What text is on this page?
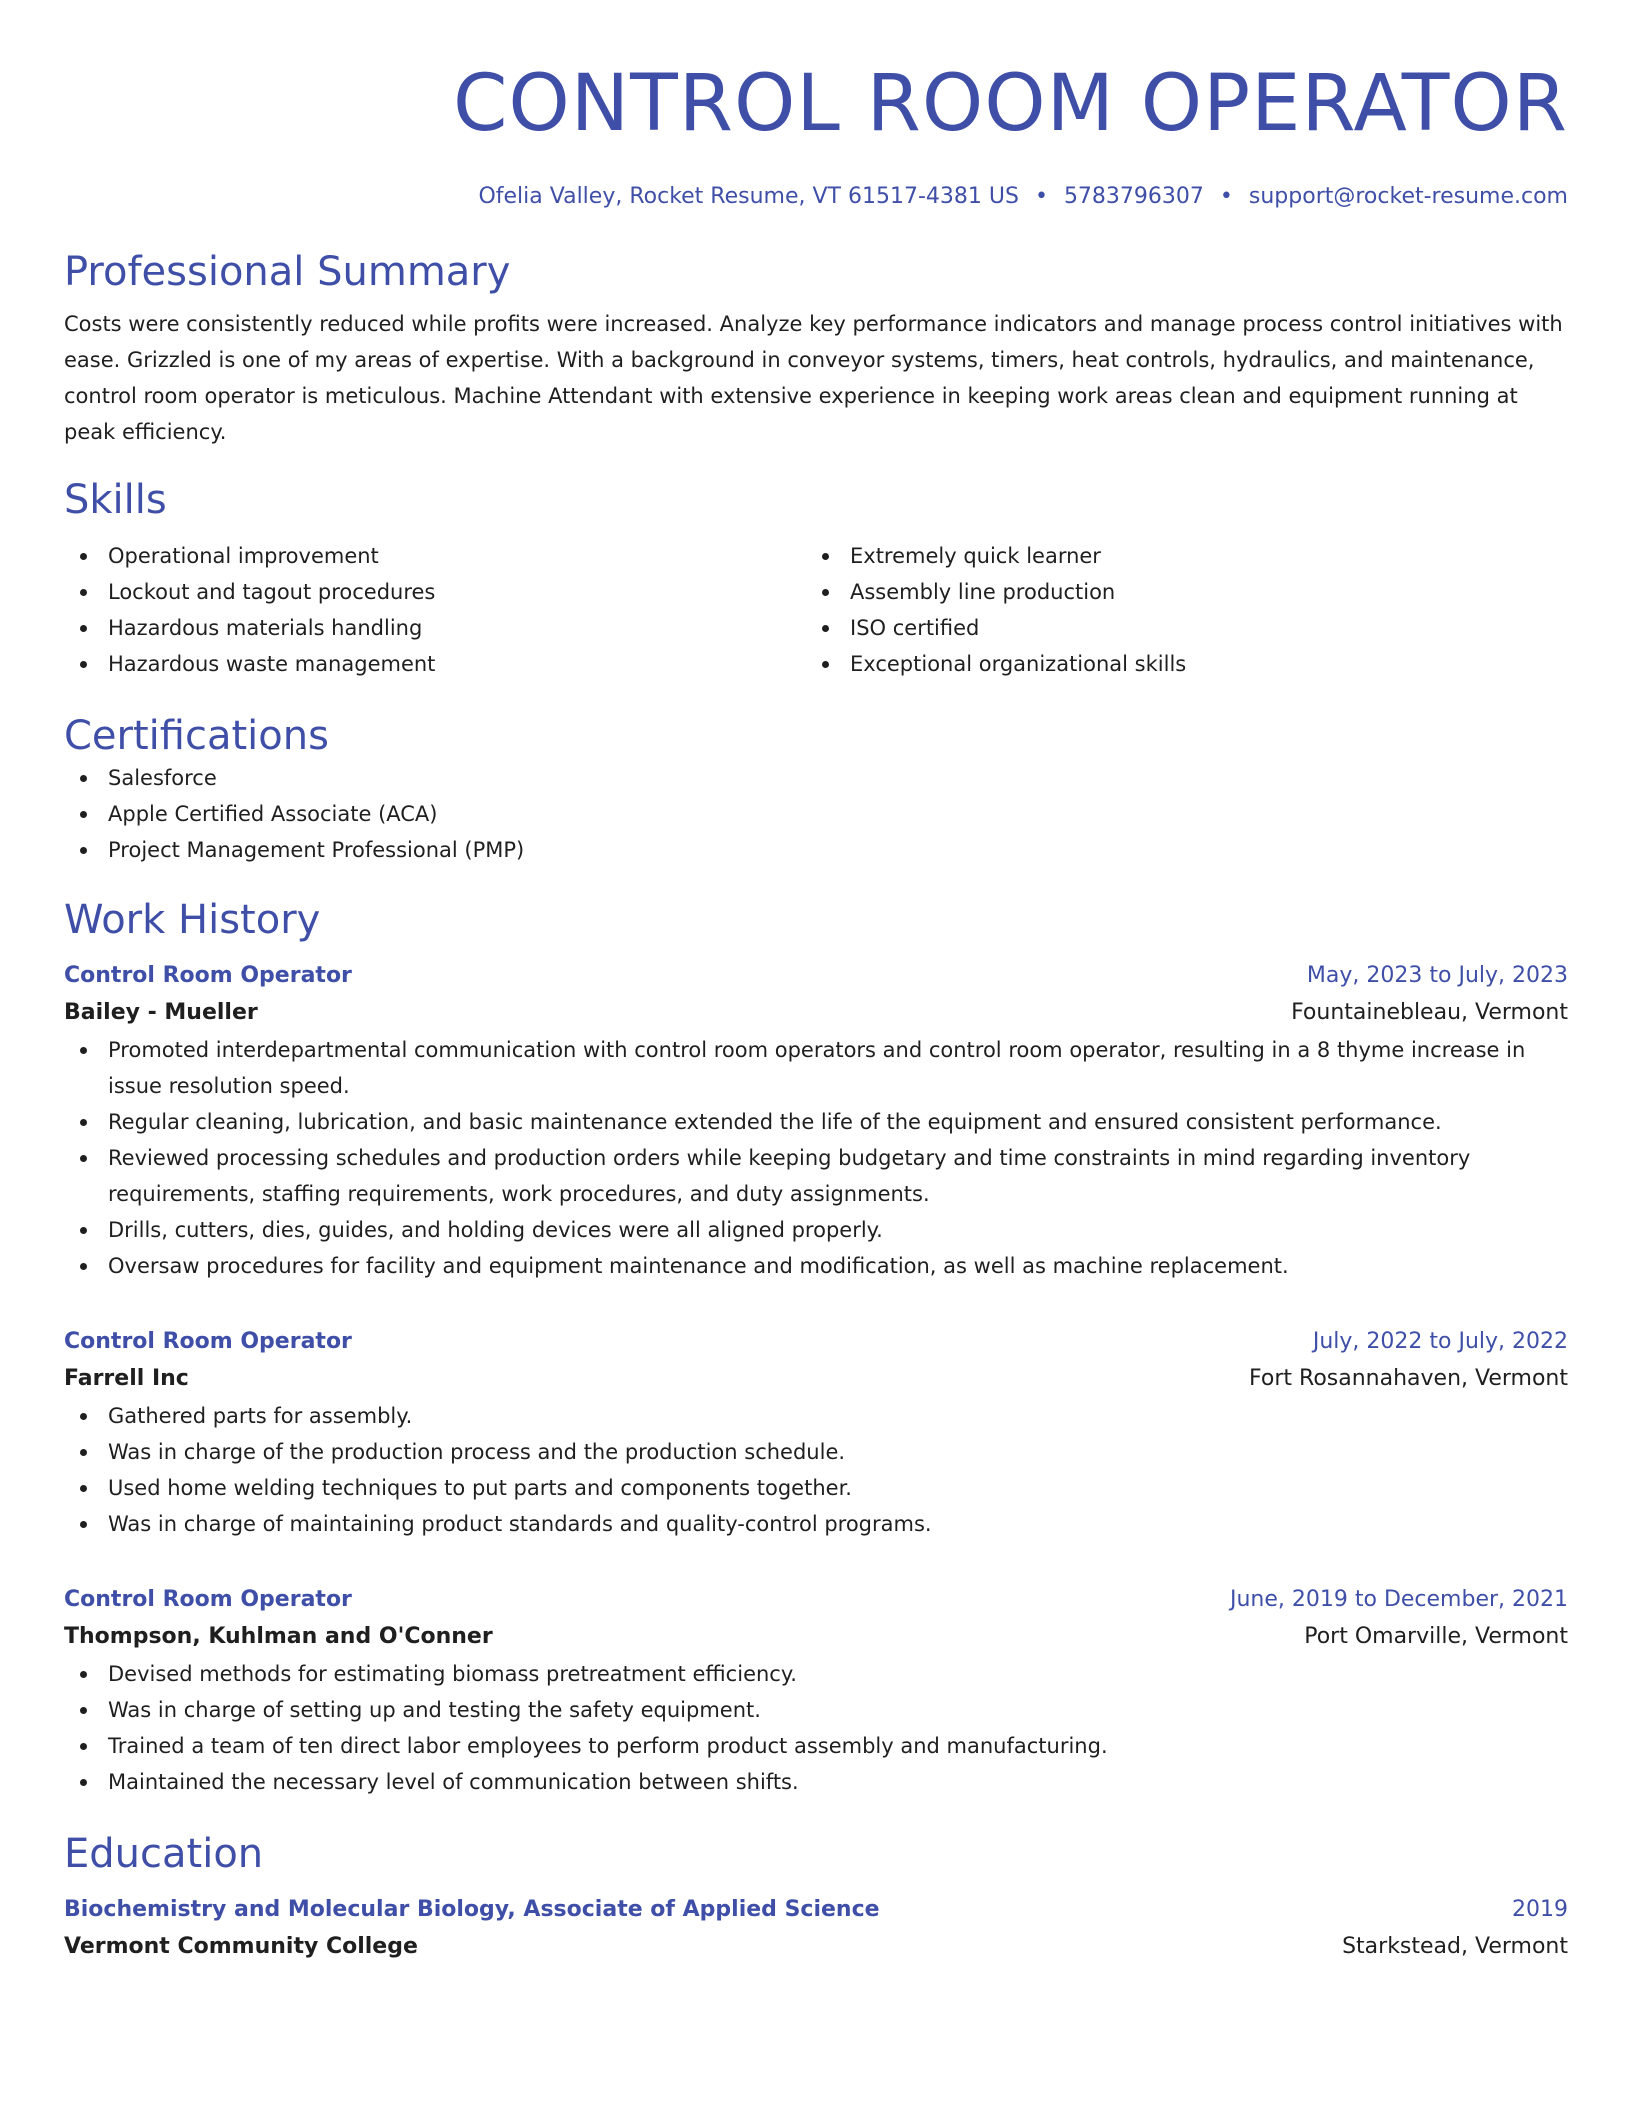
CONTROL ROOM OPERATOR
Ofelia Valley, Rocket Resume, VT 61517-4381 US • 5783796307 • support@rocket-resume.com
Professional Summary

Costs were consistently reduced while profits were increased. Analyze key performance indicators and manage process control initiatives with ease. Grizzled is one of my areas of expertise. With a background in conveyor systems, timers, heat controls, hydraulics, and maintenance, control room operator is meticulous. Machine Attendant with extensive experience in keeping work areas clean and equipment running at peak efficiency.

Skills
Operational improvement
Lockout and tagout procedures
Hazardous materials handling
Hazardous waste management
Extremely quick learner
Assembly line production
ISO certified
Exceptional organizational skills
Certifications
Salesforce
Apple Certified Associate (ACA)
Project Management Professional (PMP)
Work History
Control Room Operator	May, 2023 to July, 2023
Bailey - Mueller	Fountainebleau, Vermont
Promoted interdepartmental communication with control room operators and control room operator, resulting in a 8 thyme increase in issue resolution speed.
Regular cleaning, lubrication, and basic maintenance extended the life of the equipment and ensured consistent performance.
Reviewed processing schedules and production orders while keeping budgetary and time constraints in mind regarding inventory requirements, staffing requirements, work procedures, and duty assignments.
Drills, cutters, dies, guides, and holding devices were all aligned properly.
Oversaw procedures for facility and equipment maintenance and modification, as well as machine replacement.
Control Room Operator	July, 2022 to July, 2022
Farrell Inc	Fort Rosannahaven, Vermont
Gathered parts for assembly.
Was in charge of the production process and the production schedule.
Used home welding techniques to put parts and components together.
Was in charge of maintaining product standards and quality-control programs.
Control Room Operator	June, 2019 to December, 2021
Thompson, Kuhlman and O'Conner	Port Omarville, Vermont
Devised methods for estimating biomass pretreatment efficiency.
Was in charge of setting up and testing the safety equipment.
Trained a team of ten direct labor employees to perform product assembly and manufacturing.
Maintained the necessary level of communication between shifts.
Education
Biochemistry and Molecular Biology, Associate of Applied Science	2019
Vermont Community College	Starkstead, Vermont
